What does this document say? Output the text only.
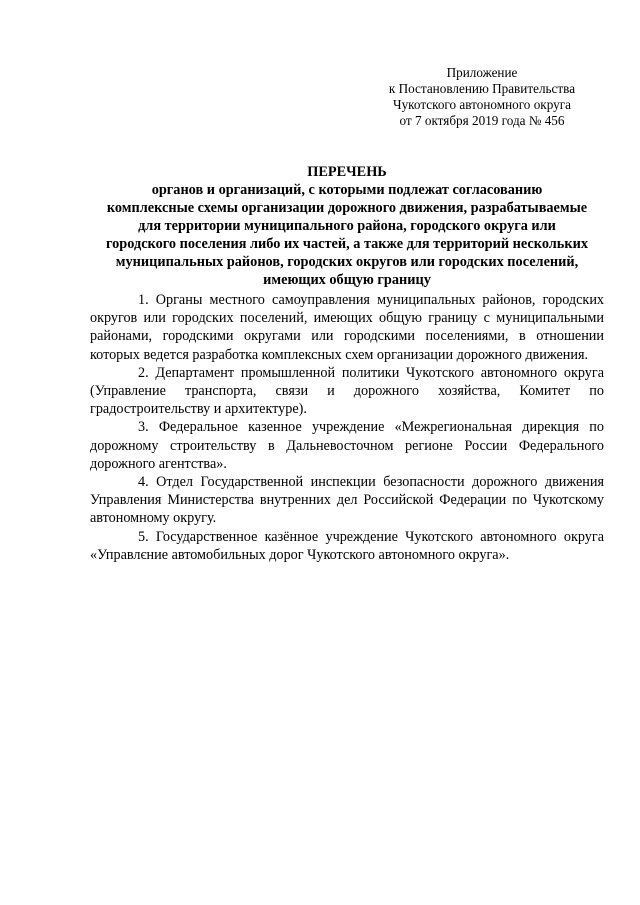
Приложение
к Постановлению Правительства
Чукотского автономного округа
от 7 октября 2019 года № 456
ПЕРЕЧЕНЬ
органов и организаций, с которыми подлежат согласованию
комплексные схемы организации дорожного движения, разрабатываемые
для территории муниципального района, городского округа или
городского поселения либо их частей, а также для территорий нескольких
муниципальных районов, городских округов или городских поселений,
имеющих общую границу

1. Органы местного самоуправления муниципальных районов, городских округов или городских поселений, имеющих общую границу с муниципальными районами, городскими округами или городскими поселениями, в отношении которых ведется разработка комплексных схем организации дорожного движения.

2. Департамент промышленной политики Чукотского автономного округа (Управление транспорта, связи и дорожного хозяйства, Комитет по градостроительству и архитектуре).

3. Федеральное казенное учреждение «Межрегиональная дирекция по дорожному строительству в Дальневосточном регионе России Федерального дорожного агентства».

4. Отдел Государственной инспекции безопасности дорожного движения Управления Министерства внутренних дел Российской Федерации по Чукотскому автономному округу.

5. Государственное казённое учреждение Чукотского автономного округа «Управлєние автомобильных дорог Чукотского автономного округа».
